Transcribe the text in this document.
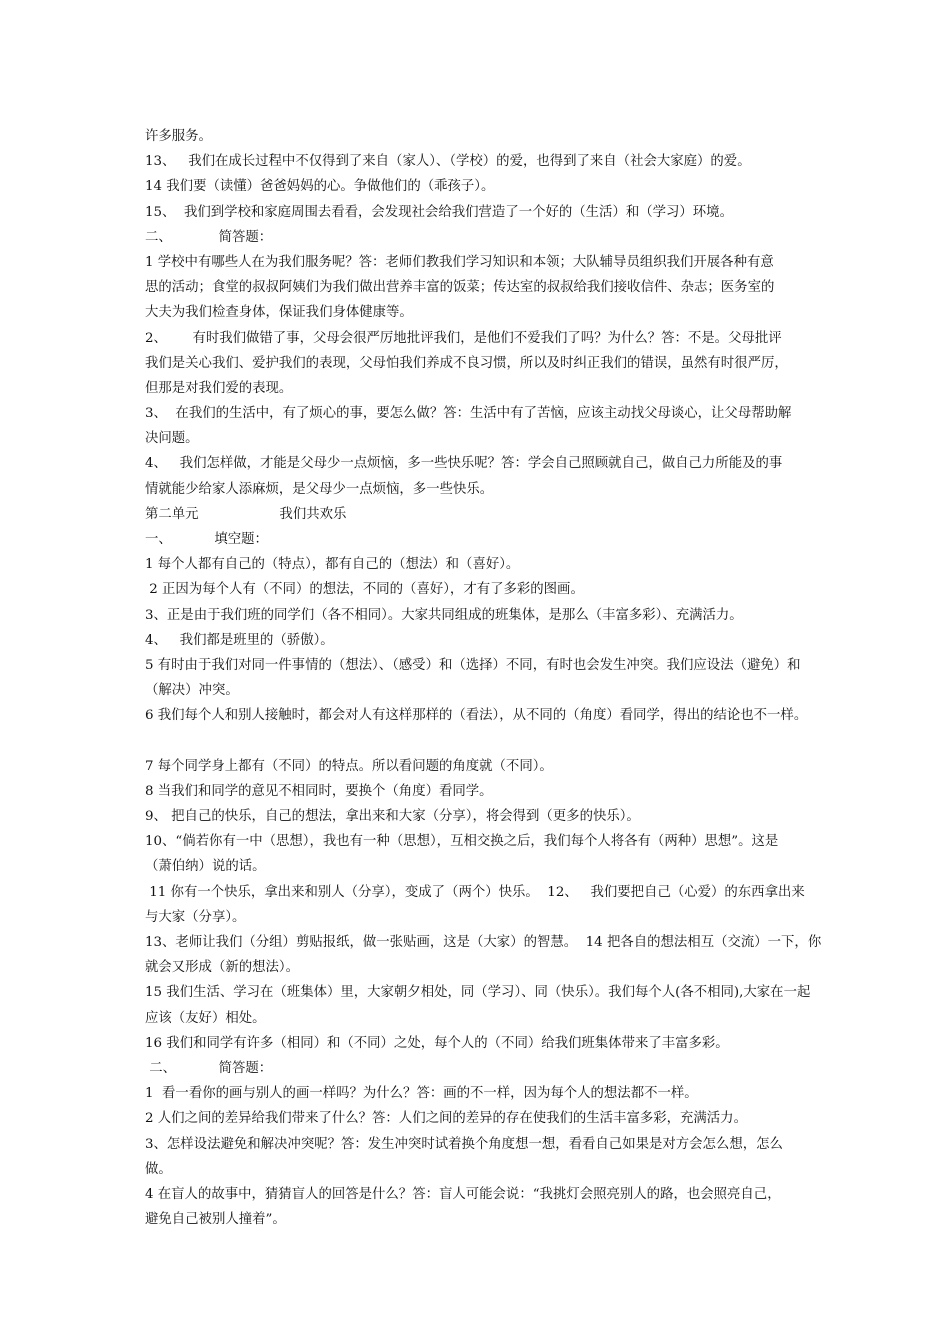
许多服务。
13、   我们在成长过程中不仅得到了来自（家人）、（学校）的爱，也得到了来自（社会大家庭）的爱。
14 我们要（读懂）爸爸妈妈的心。争做他们的（乖孩子）。
15、  我们到学校和家庭周围去看看，会发现社会给我们营造了一个好的（生活）和（学习）环境。
二、           简答题：
1 学校中有哪些人在为我们服务呢？答：老师们教我们学习知识和本领；大队辅导员组织我们开展各种有意
思的活动；食堂的叔叔阿姨们为我们做出营养丰富的饭菜；传达室的叔叔给我们接收信件、杂志；医务室的
大夫为我们检查身体，保证我们身体健康等。
2、      有时我们做错了事，父母会很严厉地批评我们，是他们不爱我们了吗？为什么？答：不是。父母批评
我们是关心我们、爱护我们的表现，父母怕我们养成不良习惯，所以及时纠正我们的错误，虽然有时很严厉，
但那是对我们爱的表现。
3、  在我们的生活中，有了烦心的事，要怎么做？答：生活中有了苦恼，应该主动找父母谈心，让父母帮助解
决问题。
4、   我们怎样做，才能是父母少一点烦恼，多一些快乐呢？答：学会自己照顾就自己，做自己力所能及的事
情就能少给家人添麻烦，是父母少一点烦恼，多一些快乐。
第二单元                   我们共欢乐
一、          填空题：
1 每个人都有自己的（特点），都有自己的（想法）和（喜好）。
2 正因为每个人有（不同）的想法，不同的（喜好），才有了多彩的图画。
3、正是由于我们班的同学们（各不相同）。大家共同组成的班集体，是那么（丰富多彩）、充满活力。
4、   我们都是班里的（骄傲）。
5 有时由于我们对同一件事情的（想法）、（感受）和（选择）不同，有时也会发生冲突。我们应设法（避免）和
（解决）冲突。
6 我们每个人和别人接触时，都会对人有这样那样的（看法），从不同的（角度）看同学，得出的结论也不一样。
7 每个同学身上都有（不同）的特点。所以看问题的角度就（不同）。
8 当我们和同学的意见不相同时，要换个（角度）看同学。
9、 把自己的快乐，自己的想法，拿出来和大家（分享），将会得到（更多的快乐）。
10、“倘若你有一中（思想），我也有一种（思想），互相交换之后，我们每个人将各有（两种）思想”。这是
（萧伯纳）说的话。
11 你有一个快乐，拿出来和别人（分享），变成了（两个）快乐。  12、   我们要把自己（心爱）的东西拿出来
与大家（分享）。
13、老师让我们（分组）剪贴报纸，做一张贴画，这是（大家）的智慧。  14 把各自的想法相互（交流）一下，你
就会又形成（新的想法）。
15 我们生活、学习在（班集体）里，大家朝夕相处，同（学习）、同（快乐）。我们每个人(各不相同),大家在一起
应该（友好）相处。
16 我们和同学有许多（相同）和（不同）之处，每个人的（不同）给我们班集体带来了丰富多彩。
二、          简答题：
1  看一看你的画与别人的画一样吗？为什么？答：画的不一样，因为每个人的想法都不一样。
2 人们之间的差异给我们带来了什么？答：人们之间的差异的存在使我们的生活丰富多彩，充满活力。
3、怎样设法避免和解决冲突呢？答：发生冲突时试着换个角度想一想，看看自己如果是对方会怎么想，怎么
做。
4 在盲人的故事中，猜猜盲人的回答是什么？答：盲人可能会说：“我挑灯会照亮别人的路，也会照亮自己，
避免自己被别人撞着”。
